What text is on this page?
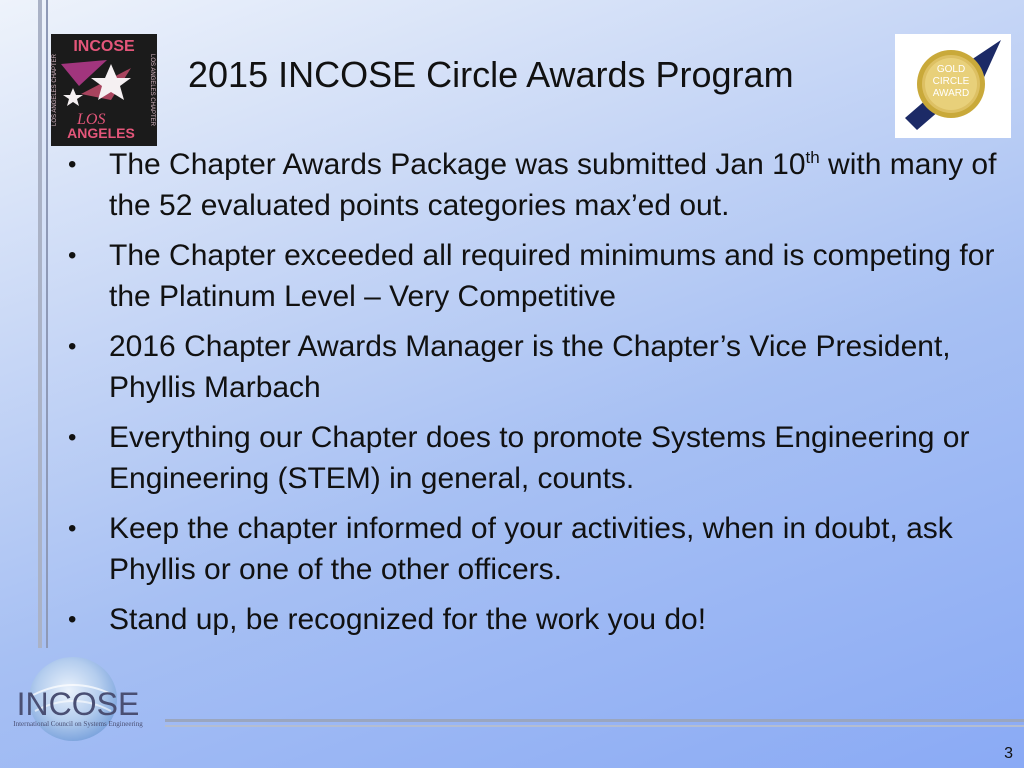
INCOSE
LOS
ANGELES
LOS ANGELES CHAPTER
LOS ANGELES CHAPTER	2015 INCOSE Circle Awards Program	GOLD
CIRCLE
AWARD
• The Chapter Awards Package was submitted Jan 10th with many of the 52 evaluated points categories max’ed out.
• The Chapter exceeded all required minimums and is competing for the Platinum Level – Very Competitive
• 2016 Chapter Awards Manager is the Chapter’s Vice President, Phyllis Marbach
• Everything our Chapter does to promote Systems Engineering or Engineering (STEM) in general, counts.
• Keep the chapter informed of your activities, when in doubt, ask Phyllis or one of the other officers.
• Stand up, be recognized for the work you do!
INCOSE
International Council on Systems Engineering
3
